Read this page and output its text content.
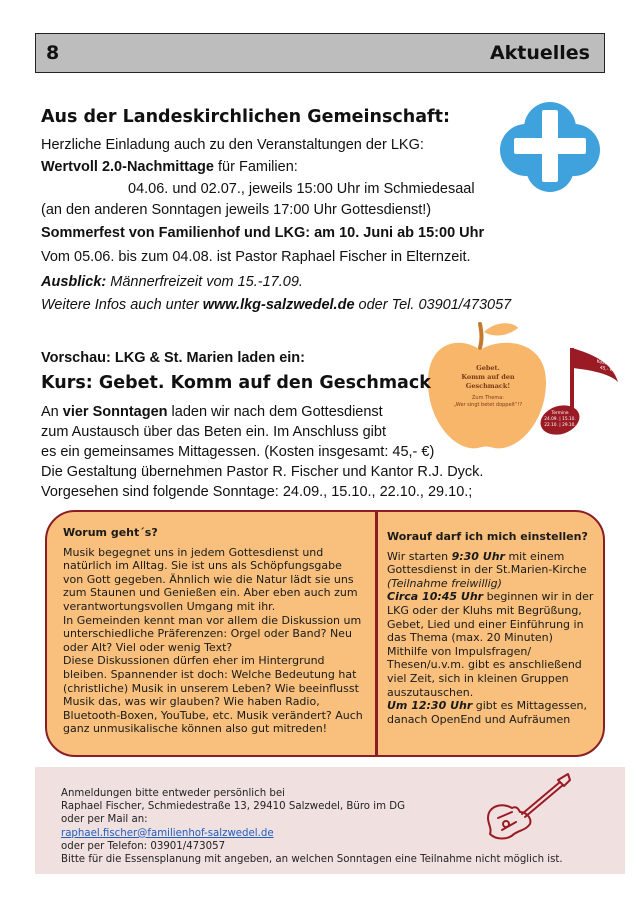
8	Aktuelles
Aus der Landeskirchlichen Gemeinschaft:
Herzliche Einladung auch zu den Veranstaltungen der LKG:
Wertvoll 2.0-Nachmittage für Familien:
04.06. und 02.07., jeweils 15:00 Uhr im Schmiedesaal
(an den anderen Sonntagen jeweils 17:00 Uhr Gottesdienst!)
Sommerfest von Familienhof und LKG: am 10. Juni ab 15:00 Uhr
Vom 05.06. bis zum 04.08. ist Pastor Raphael Fischer in Elternzeit.
Ausblick: Männerfreizeit vom 15.-17.09.
Weitere Infos auch unter www.lkg-salzwedel.de oder Tel. 03901/473057
Gebet.
Komm auf den
Geschmack!
Zum Thema:
„Wer singt betet doppelt“!?
Kosten
45,- €
Termine
24.09. | 15.10.
22.10. | 29.10.
Vorschau: LKG & St. Marien laden ein:
Kurs: Gebet. Komm auf den Geschmack
An vier Sonntagen laden wir nach dem Gottesdienst
zum Austausch über das Beten ein. Im Anschluss gibt
es ein gemeinsames Mittagessen. (Kosten insgesamt: 45,- €)
Die Gestaltung übernehmen Pastor R. Fischer und Kantor R.J. Dyck.
Vorgesehen sind folgende Sonntage: 24.09., 15.10., 22.10., 29.10.;
Worum geht´s?
Musik begegnet uns in jedem Gottesdienst und
natürlich im Alltag. Sie ist uns als Schöpfungsgabe
von Gott gegeben. Ähnlich wie die Natur lädt sie uns
zum Staunen und Genießen ein. Aber eben auch zum
verantwortungsvollen Umgang mit ihr.
In Gemeinden kennt man vor allem die Diskussion um
unterschiedliche Präferenzen: Orgel oder Band? Neu
oder Alt? Viel oder wenig Text?
Diese Diskussionen dürfen eher im Hintergrund
bleiben. Spannender ist doch: Welche Bedeutung hat
(christliche) Musik in unserem Leben? Wie beeinflusst
Musik das, was wir glauben? Wie haben Radio,
Bluetooth-Boxen, YouTube, etc. Musik verändert? Auch
ganz unmusikalische können also gut mitreden!
Worauf darf ich mich einstellen?
Wir starten 9:30 Uhr mit einem
Gottesdienst in der St.Marien-Kirche
(Teilnahme freiwillig)
Circa 10:45 Uhr beginnen wir in der
LKG oder der Kluhs mit Begrüßung,
Gebet, Lied und einer Einführung in
das Thema (max. 20 Minuten)
Mithilfe von Impulsfragen/
Thesen/u.v.m. gibt es anschließend
viel Zeit, sich in kleinen Gruppen
auszutauschen.
Um 12:30 Uhr gibt es Mittagessen,
danach OpenEnd und Aufräumen
Anmeldungen bitte entweder persönlich bei
Raphael Fischer, Schmiedestraße 13, 29410 Salzwedel, Büro im DG
oder per Mail an:
raphael.fischer@familienhof-salzwedel.de
oder per Telefon: 03901/473057
Bitte für die Essensplanung mit angeben, an welchen Sonntagen eine Teilnahme nicht möglich ist.
